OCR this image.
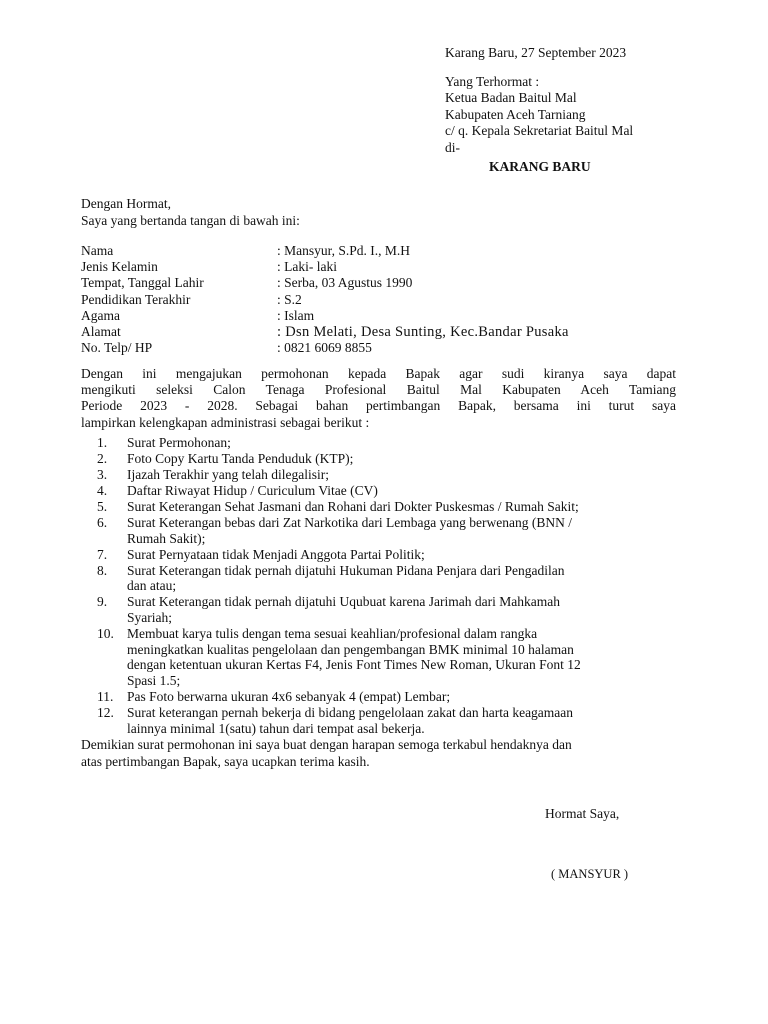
Karang Baru, 27 September 2023
Yang Terhormat :
Ketua Badan Baitul Mal
Kabupaten Aceh Tarniang
c/ q. Kepala Sekretariat Baitul Mal
di-
KARANG BARU
Dengan Hormat,
Saya yang bertanda tangan di bawah ini:
Nama	: Mansyur, S.Pd. I., M.H
Jenis Kelamin	: Laki- laki
Tempat, Tanggal Lahir	: Serba, 03 Agustus 1990
Pendidikan Terakhir	: S.2
Agama	: Islam
Alamat	: Dsn Melati, Desa Sunting, Kec.Bandar Pusaka
No. Telp/ HP	: 0821 6069 8855
Dengan ini mengajukan permohonan kepada Bapak agar sudi kiranya saya dapat
mengikuti seleksi Calon Tenaga Profesional Baitul Mal Kabupaten Aceh Tamiang
Periode 2023 - 2028. Sebagai bahan pertimbangan Bapak, bersama ini turut saya
lampirkan kelengkapan administrasi sebagai berikut :
1.	Surat Permohonan;
2.	Foto Copy Kartu Tanda Penduduk (KTP);
3.	Ijazah Terakhir yang telah dilegalisir;
4.	Daftar Riwayat Hidup / Curiculum Vitae (CV)
5.	Surat Keterangan Sehat Jasmani dan Rohani dari Dokter Puskesmas / Rumah Sakit;
6.	Surat Keterangan bebas dari Zat Narkotika dari Lembaga yang berwenang (BNN /
Rumah Sakit);
7.	Surat Pernyataan tidak Menjadi Anggota Partai Politik;
8.	Surat Keterangan tidak pernah dijatuhi Hukuman Pidana Penjara dari Pengadilan
dan atau;
9.	Surat Keterangan tidak pernah dijatuhi Uqubuat karena Jarimah dari Mahkamah
Syariah;
10. Membuat karya tulis dengan tema sesuai keahlian/profesional dalam rangka
meningkatkan kualitas pengelolaan dan pengembangan BMK minimal 10 halaman
dengan ketentuan ukuran Kertas F4, Jenis Font Times New Roman, Ukuran Font 12
Spasi 1.5;
11.	Pas Foto berwarna ukuran 4x6 sebanyak 4 (empat) Lembar;
12. Surat keterangan pernah bekerja di bidang pengelolaan zakat dan harta keagamaan
lainnya minimal 1(satu) tahun dari tempat asal bekerja.
Demikian surat permohonan ini saya buat dengan harapan semoga terkabul hendaknya dan
atas pertimbangan Bapak, saya ucapkan terima kasih.
Hormat Saya,
( MANSYUR )
